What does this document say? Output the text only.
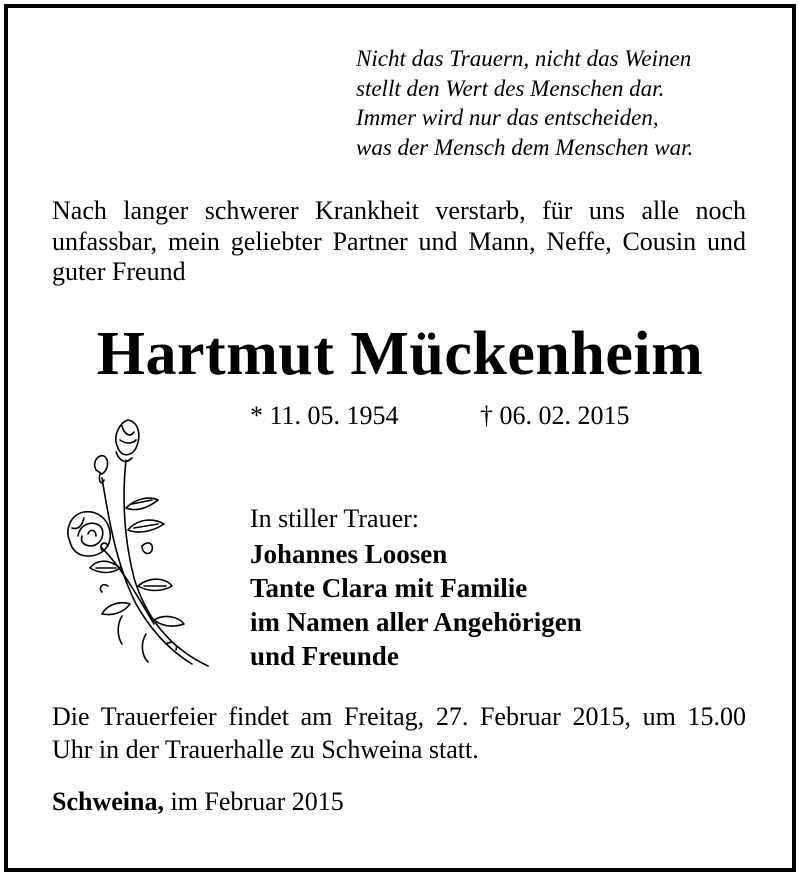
Nicht das Trauern, nicht das Weinen
stellt den Wert des Menschen dar.
Immer wird nur das entscheiden,
was der Mensch dem Menschen war.
Nach langer schwerer Krankheit verstarb, für uns alle noch unfassbar, mein geliebter Partner und Mann, Neffe, Cousin und guter Freund
Hartmut Mückenheim
* 11. 05. 1954	† 06. 02. 2015
In stiller Trauer:
Johannes Loosen
Tante Clara mit Familie
im Namen aller Angehörigen
und Freunde
Die Trauerfeier findet am Freitag, 27. Februar 2015, um 15.00 Uhr in der Trauerhalle zu Schweina statt.
Schweina, im Februar 2015
